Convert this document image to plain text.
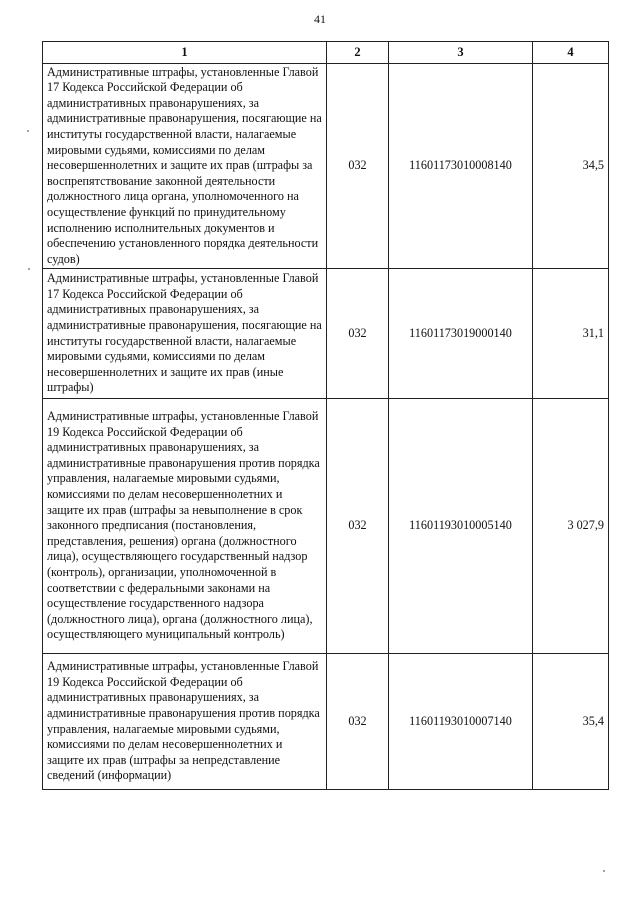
41
1	2	3	4
Административные штрафы, установленные Главой 17 Кодекса Российской Федерации об административных правонарушениях, за административные правонарушения, посягающие на институты государственной власти, налагаемые мировыми судьями, комиссиями по делам несовершеннолетних и защите их прав (штрафы за воспрепятствование законной деятельности должностного лица органа, уполномоченного на осуществление функций по принудительному исполнению исполнительных документов и обеспечению установленного порядка деятельности судов)	032	11601173010008140	34,5
Административные штрафы, установленные Главой 17 Кодекса Российской Федерации об административных правонарушениях, за административные правонарушения, посягающие на институты государственной власти, налагаемые мировыми судьями, комиссиями по делам несовершеннолетних и защите их прав (иные штрафы)	032	11601173019000140	31,1
Административные штрафы, установленные Главой 19 Кодекса Российской Федерации об административных правонарушениях, за административные правонарушения против порядка управления, налагаемые мировыми судьями, комиссиями по делам несовершеннолетних и защите их прав (штрафы за невыполнение в срок законного предписания (постановления, представления, решения) органа (должностного лица), осуществляющего государственный надзор (контроль), организации, уполномоченной в соответствии с федеральными законами на осуществление государственного надзора (должностного лица), органа (должностного лица), осуществляющего муниципальный контроль)	032	11601193010005140	3 027,9
Административные штрафы, установленные Главой 19 Кодекса Российской Федерации об административных правонарушениях, за административные правонарушения против порядка управления, налагаемые мировыми судьями, комиссиями по делам несовершеннолетних и защите их прав (штрафы за непредставление сведений (информации)	032	11601193010007140	35,4
